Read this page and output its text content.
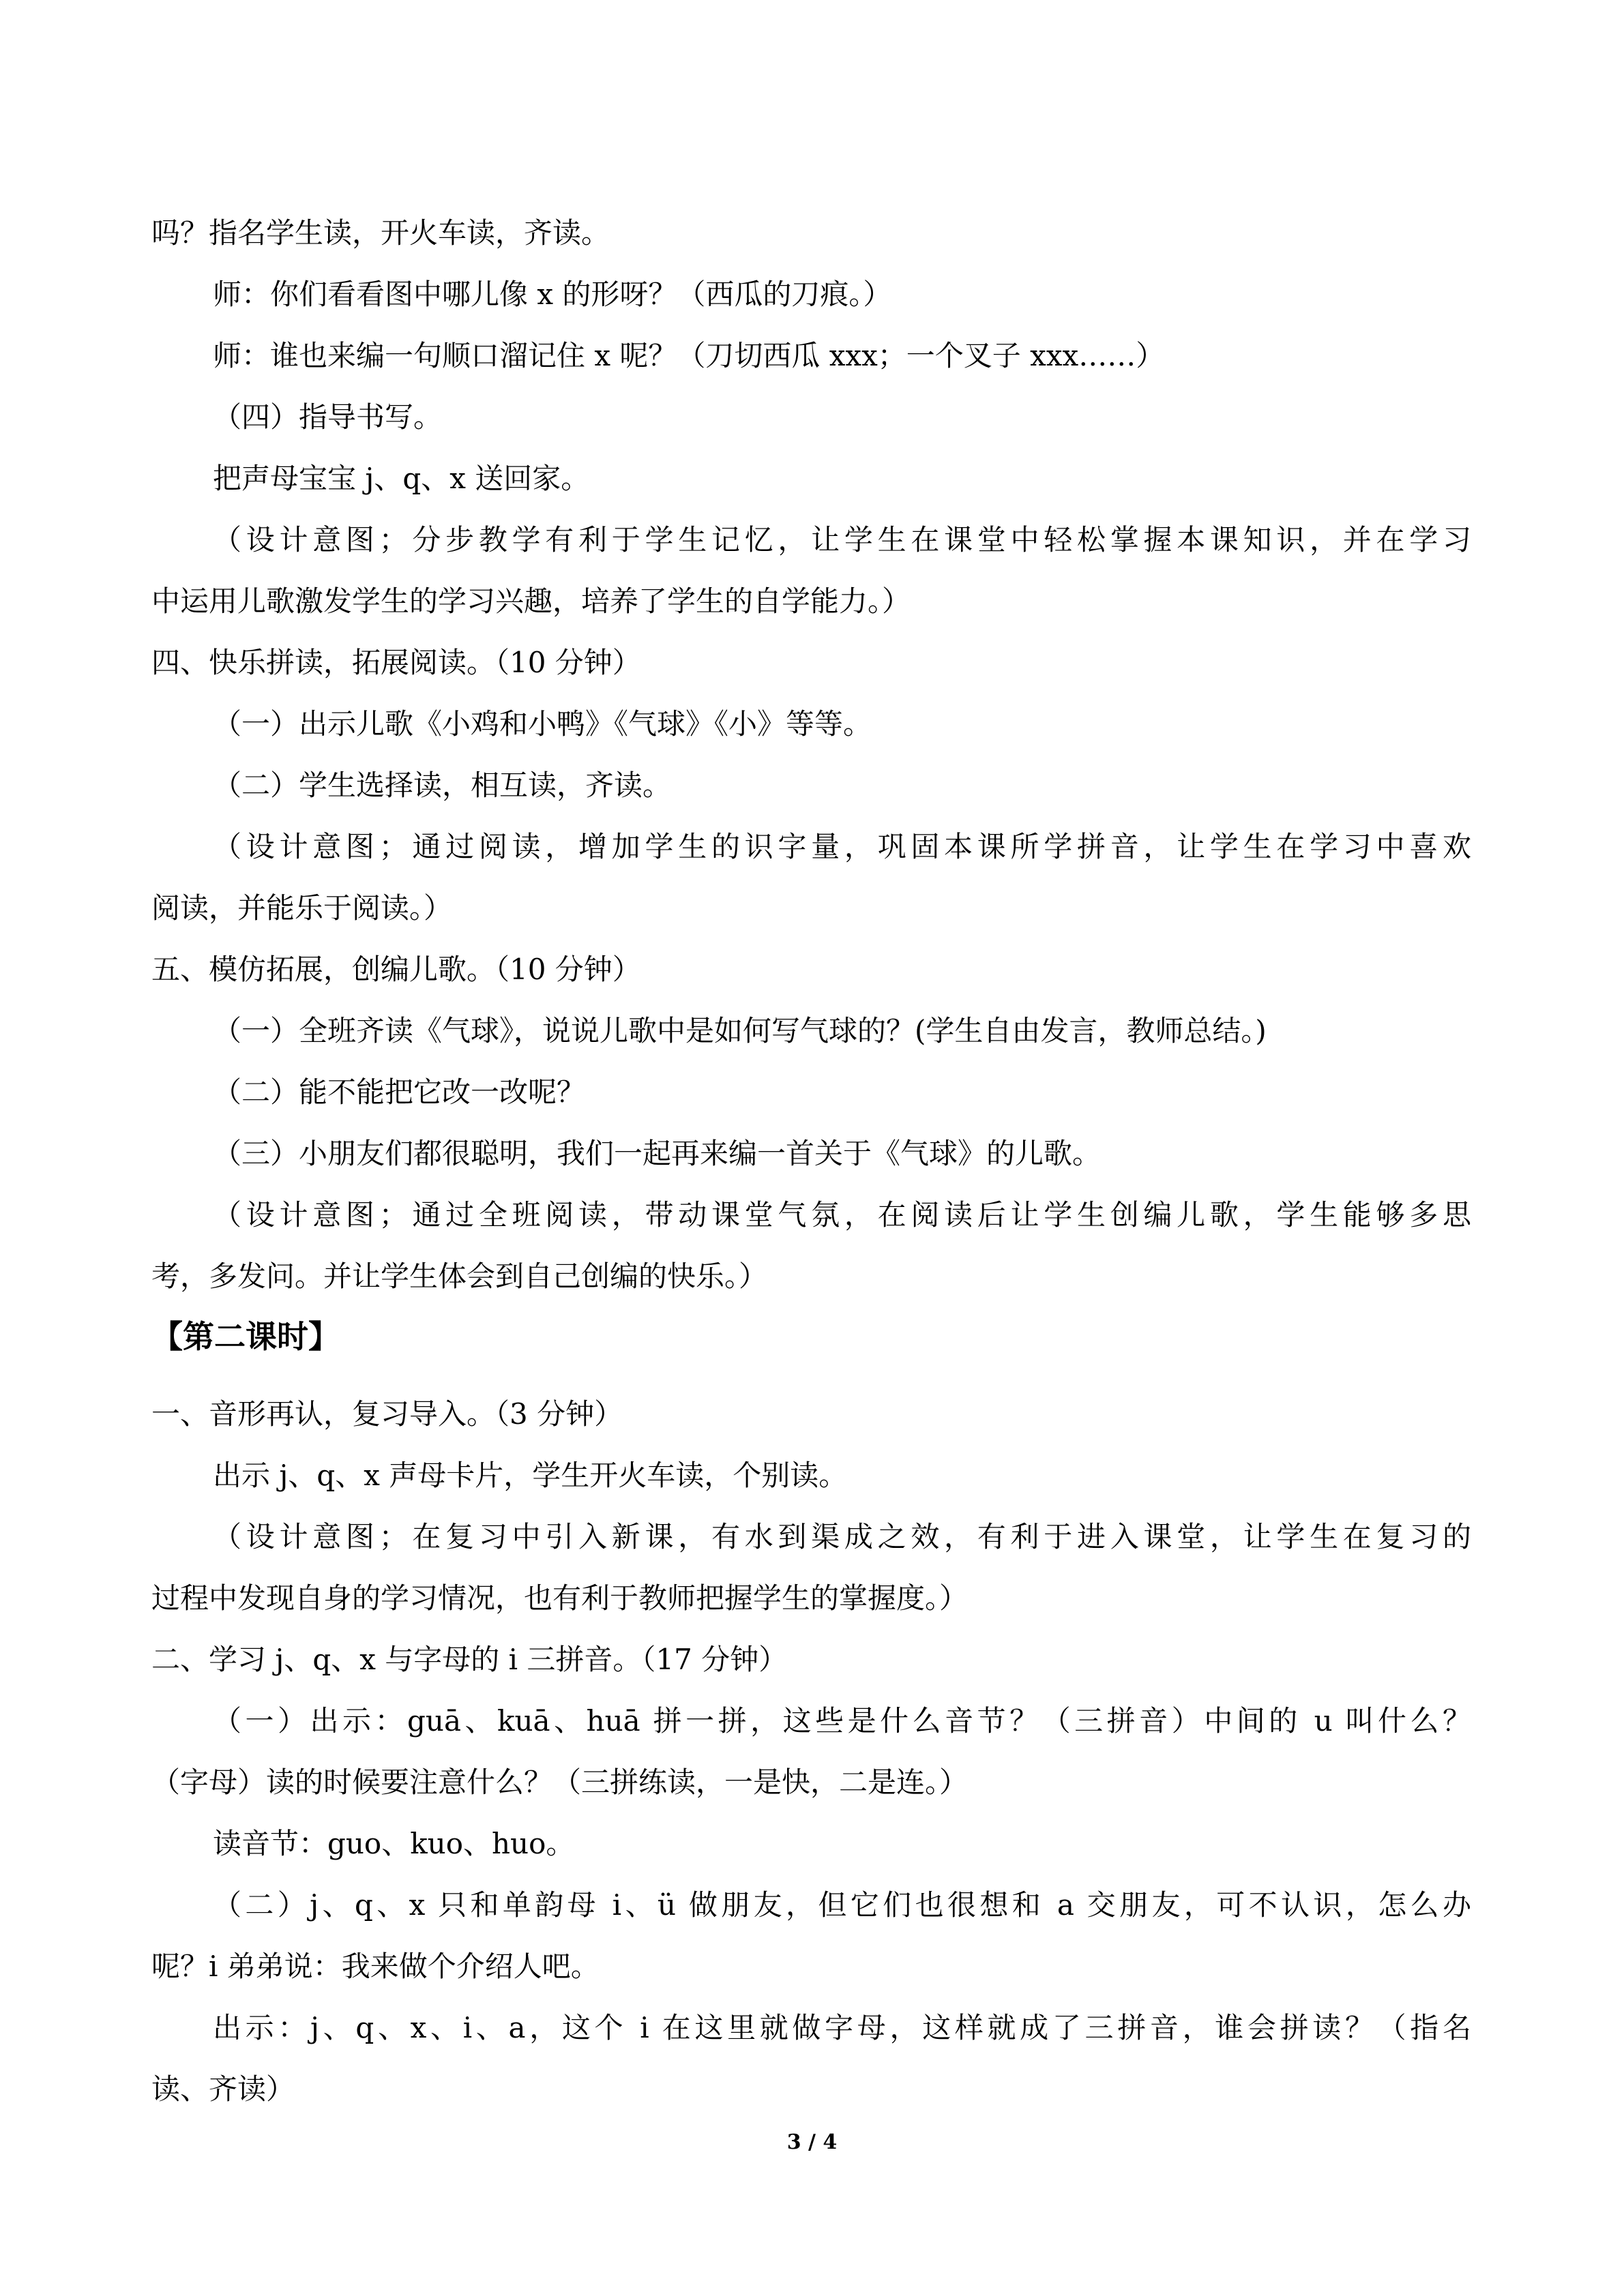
吗？指名学生读，开火车读，齐读。
师：你们看看图中哪儿像 x 的形呀？（西瓜的刀痕。）
师：谁也来编一句顺口溜记住 x 呢？（刀切西瓜 xxx；一个叉子 xxx……）
（四）指导书写。
把声母宝宝 j、q、x 送回家。
（设计意图；分步教学有利于学生记忆，让学生在课堂中轻松掌握本课知识，并在学习
中运用儿歌激发学生的学习兴趣，培养了学生的自学能力。）
四、快乐拼读，拓展阅读。（10 分钟）
（一）出示儿歌《小鸡和小鸭》《气球》《小》等等。
（二）学生选择读，相互读，齐读。
（设计意图；通过阅读，增加学生的识字量，巩固本课所学拼音，让学生在学习中喜欢
阅读，并能乐于阅读。）
五、模仿拓展，创编儿歌。（10 分钟）
（一）全班齐读《气球》，说说儿歌中是如何写气球的？(学生自由发言，教师总结。)
（二）能不能把它改一改呢？
（三）小朋友们都很聪明，我们一起再来编一首关于《气球》的儿歌。
（设计意图；通过全班阅读，带动课堂气氛，在阅读后让学生创编儿歌，学生能够多思
考，多发问。并让学生体会到自己创编的快乐。）
【第二课时】
一、音形再认，复习导入。（3 分钟）
出示 j、q、x 声母卡片，学生开火车读，个别读。
（设计意图；在复习中引入新课，有水到渠成之效，有利于进入课堂，让学生在复习的
过程中发现自身的学习情况，也有利于教师把握学生的掌握度。）
二、学习 j、q、x 与字母的 i 三拼音。（17 分钟）
（一）出示：guā、kuā、huā 拼一拼，这些是什么音节？（三拼音）中间的 u 叫什么？
（字母）读的时候要注意什么？（三拼练读，一是快，二是连。）
读音节：guo、kuo、huo。
（二）j、q、x 只和单韵母 i、ü 做朋友，但它们也很想和 a 交朋友，可不认识，怎么办
呢？i 弟弟说：我来做个介绍人吧。
出示：j、q、x、i、a，这个 i 在这里就做字母，这样就成了三拼音，谁会拼读？（指名
读、齐读）
3 / 4
